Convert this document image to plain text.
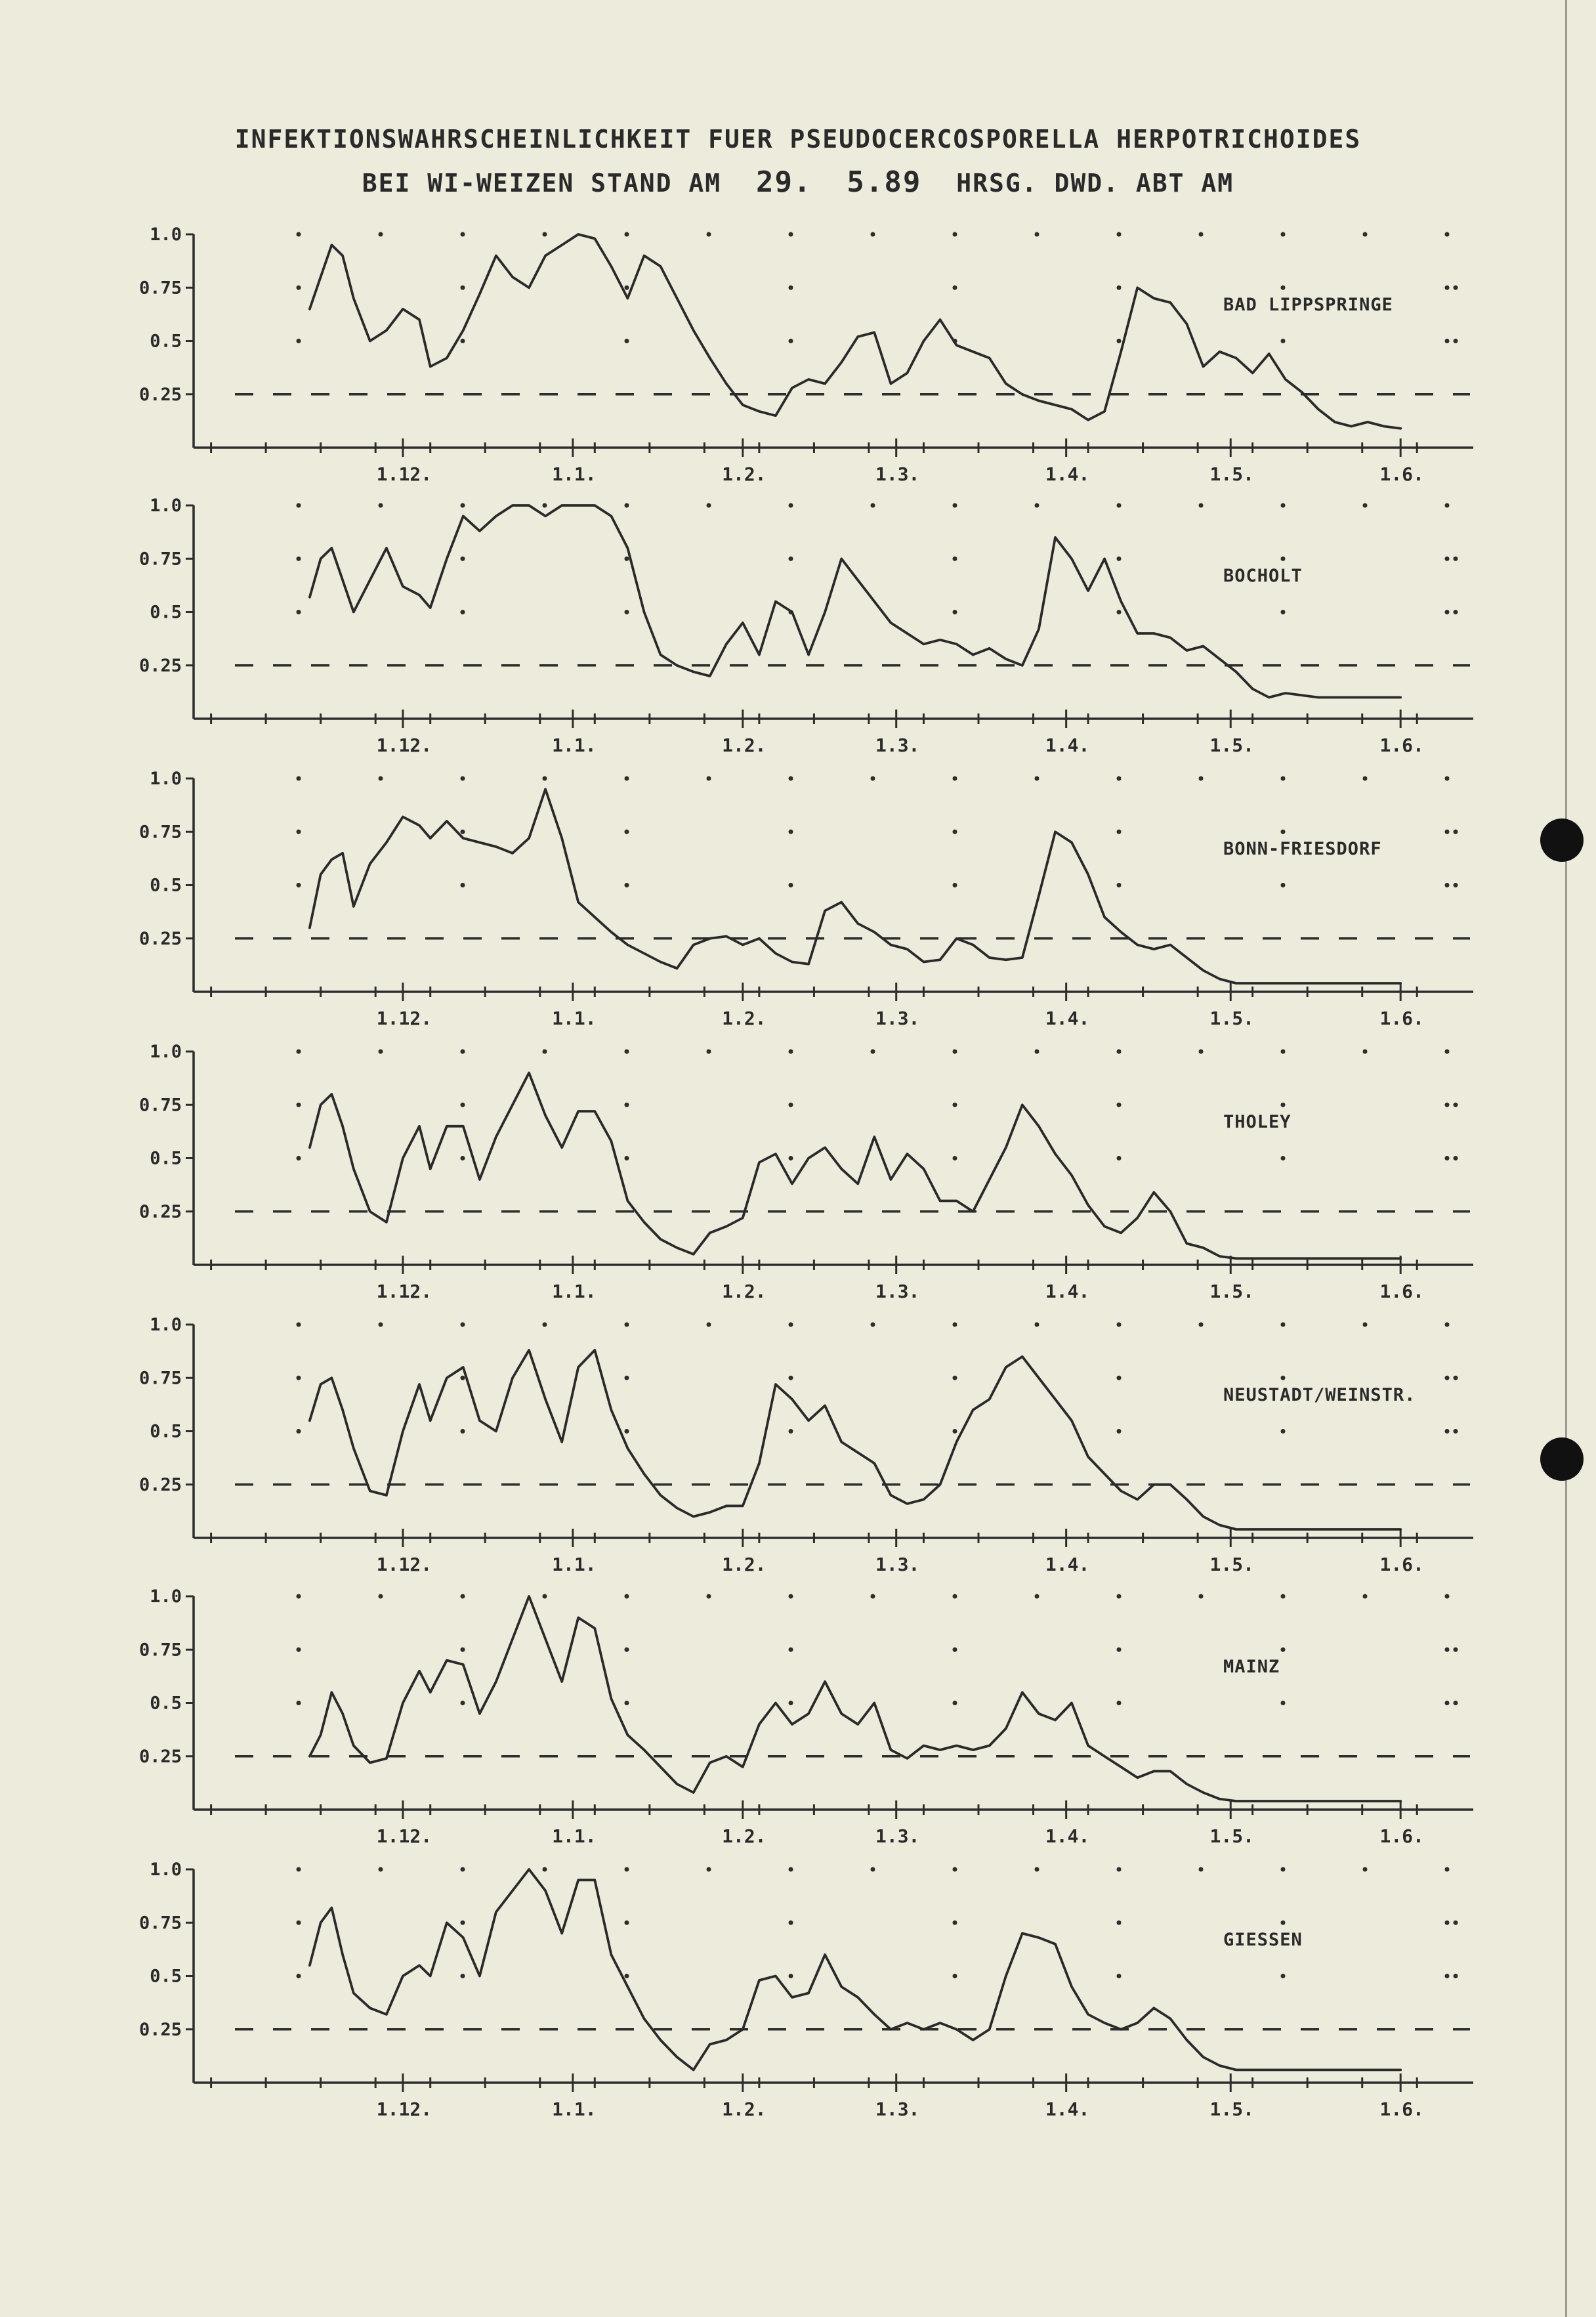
INFEKTIONSWAHRSCHEINLICHKEIT FUER PSEUDOCERCOSPORELLA HERPOTRICHOIDES
BEI WI-WEIZEN STAND AM 29. 5.89 HRSG. DWD. ABT AM
1.0
0.75
0.5
0.25
1.12.	1.1.	1.2.	1.3.	1.4.	1.5.	1.6.
BAD LIPPSPRINGE
1.0
0.75
0.5
0.25
1.12.	1.1.	1.2.	1.3.	1.4.	1.5.	1.6.
BOCHOLT
1.0
0.75
0.5
0.25
1.12.	1.1.	1.2.	1.3.	1.4.	1.5.	1.6.
BONN-FRIESDORF
1.0
0.75
0.5
0.25
1.12.	1.1.	1.2.	1.3.	1.4.	1.5.	1.6.
THOLEY
1.0
0.75
0.5
0.25
1.12.	1.1.	1.2.	1.3.	1.4.	1.5.	1.6.
NEUSTADT/WEINSTR.
1.0
0.75
0.5
0.25
1.12.	1.1.	1.2.	1.3.	1.4.	1.5.	1.6.
MAINZ
1.0
0.75
0.5
0.25
1.12.	1.1.	1.2.	1.3.	1.4.	1.5.	1.6.
GIESSEN
